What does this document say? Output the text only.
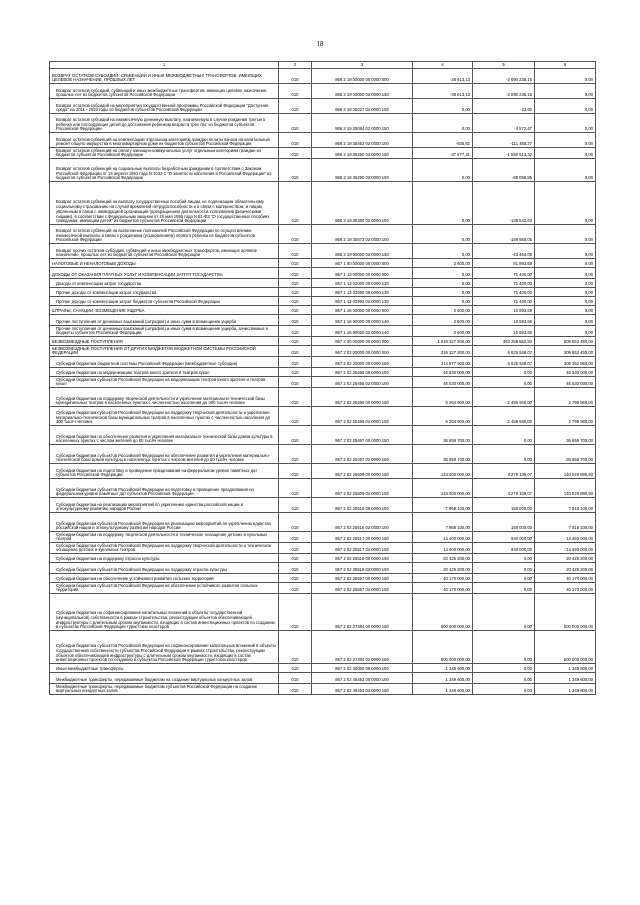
18
1	2	3	4	5	6
ВОЗВРАТ ОСТАТКОВ СУБСИДИЙ, СУБВЕНЦИЙ И ИНЫХ МЕЖБЮДЖЕТНЫХ ТРАНСФЕРТОВ, ИМЕЮЩИХ ЦЕЛЕВОЕ НАЗНАЧЕНИЕ, ПРОШЛЫХ ЛЕТ	010	866 2 19 00000 00 0000 000	-38 613,13	-2 090 236,15	0,00
Возврат остатков субсидий, субвенций и иных межбюджетных трансфертов, имеющих целевое назначение, прошлых лет из бюджетов субъектов Российской Федерации	010	866 2 19 00000 02 0000 150	-38 613,13	-2 090 236,15	0,00
Возврат остатков субсидий на мероприятия государственной программы Российской Федерации "Доступная среда" на 2011 - 2020 годы из бюджетов субъектов Российской Федерации	010	866 2 19 25027 02 0000 150	0,00	-23,60	0,00
Возврат остатков субсидий на ежемесячную денежную выплату, назначаемую в случае рождения третьего ребенка или последующих детей до достижения ребенком возраста трех лет, из бюджетов субъектов Российской Федерации	010	866 2 19 25084 02 0000 150	0,00	-4 572,47	0,00
Возврат остатков субвенций на компенсацию отдельным категориям граждан оплаты взноса на капитальный ремонт общего имущества в многоквартирном доме из бюджетов субъектов Российской Федерации	010	866 2 19 35462 02 0000 150	-935,82	-111 465,27	0,00
Возврат остатков субвенций на оплату жилищно-коммунальных услуг отдельным категориям граждан из бюджетов субъектов Российской Федерации	010	866 2 19 35250 02 0000 150	-37 677,31	-1 550 513,32	0,00
Возврат остатков субвенций на социальные выплаты безработным гражданам в соответствии с Законом Российской Федерации от 19 апреля 1991 года N 1032-1 "О занятости населения в Российской Федерации" из бюджетов субъектов Российской Федерации	010	866 2 19 35290 02 0000 150	0,00	-85 098,85	0,00
Возврат остатков субвенций на выплату государственных пособий лицам, не подлежащим обязательному социальному страхованию на случай временной нетрудоспособности и в связи с материнством, и лицам, уволенным в связи с ликвидацией организаций (прекращением деятельности, полномочий физическими лицами), в соответствии с Федеральным законом от 19 мая 1995 года N 81-ФЗ "О государственных пособиях гражданам, имеющим детей" из бюджетов субъектов Российской Федерации	010	866 2 19 35380 02 0000 150	0,00	-135 542,64	0,00
Возврат остатков субвенций на выполнение полномочий Российской Федерации по осуществлению ежемесячной выплаты в связи с рождением (усыновлением) первого ребенка из бюджетов субъектов Российской Федерации	010	866 2 19 35573 02 0000 150	0,00	-159 950,05	0,00
Возврат прочих остатков субсидий, субвенций и иных межбюджетных трансфертов, имеющих целевое назначение, прошлых лет из бюджетов субъектов Российской Федерации	010	866 2 19 90000 02 0000 150	0,00	-43 464,05	0,00
НАЛОГОВЫЕ И НЕНАЛОГОВЫЕ ДОХОДЫ	010	867 1 00 00000 00 0000 000	2 600,00	81 993,69	0,00
ДОХОДЫ ОТ ОКАЗАНИЯ ПЛАТНЫХ УСЛУГ И КОМПЕНСАЦИИ ЗАТРАТ ГОСУДАРСТВА	010	867 1 13 00000 00 0000 000	0,00	71 400,00	0,00
Доходы от компенсации затрат государства	010	867 1 13 02000 00 0000 130	0,00	71 400,00	0,00
Прочие доходы от компенсации затрат государства	010	867 1 13 02990 00 0000 130	0,00	71 400,00	0,00
Прочие доходы от компенсации затрат бюджетов субъектов Российской Федерации	010	867 1 13 02992 02 0000 130	0,00	71 400,00	0,00
ШТРАФЫ, САНКЦИИ, ВОЗМЕЩЕНИЕ УЩЕРБА	010	867 1 16 00000 00 0000 000	2 600,00	10 593,69	0,00
Прочие поступления от денежных взысканий (штрафов) и иных сумм в возмещение ущерба	010	867 1 16 90000 00 0000 140	2 600,00	10 593,69	0,00
Прочие поступления от денежных взысканий (штрафов) и иных сумм в возмещение ущерба, зачисляемые в бюджеты субъектов Российской Федерации	010	867 1 16 90020 02 0000 140	2 600,00	10 593,69	0,00
БЕЗВОЗМЕЗДНЫЕ ПОСТУПЛЕНИЯ	010	867 2 00 00000 00 0000 000	1 016 327 300,00	363 255 552,93	509 652 450,00
БЕЗВОЗМЕЗДНЫЕ ПОСТУПЛЕНИЯ ОТ ДРУГИХ БЮДЖЕТОВ БЮДЖЕТНОЙ СИСТЕМЫ РОССИЙСКОЙ ФЕДЕРАЦИИ	010	867 2 02 00000 00 0000 000	316 327 300,00	6 625 549,07	309 652 450,00
Субсидии бюджетам бюджетной системы Российской Федерации (межбюджетные субсидии)	010	867 2 02 20000 00 0000 150	314 977 900,00	6 625 549,07	308 352 850,00
Субсидии бюджетам на модернизацию театров юного зрителя и театров кукол	010	867 2 02 25456 00 0000 150	46 530 000,00	0,00	46 530 000,00
Субсидии бюджетам субъектов Российской Федерации на модернизацию театров юного зрителя и театров кукол	010	867 2 02 25456 02 0000 150	46 530 000,00	0,00	46 530 000,00
Субсидии бюджетам на поддержку творческой деятельности и укрепление материально-технической базы муниципальных театров в населенных пунктах с численностью населения до 300 тысяч человек	010	867 2 02 25466 00 0000 150	5 254 900,00	2 455 940,00	2 798 960,00
Субсидии бюджетам субъектов Российской Федерации на поддержку творческой деятельности и укрепление материально-технической базы муниципальных театров в населенных пунктах с численностью населения до 300 тысяч человек	010	867 2 02 25466 02 0000 150	5 254 900,00	2 455 940,00	2 798 960,00
Субсидии бюджетам на обеспечение развития и укрепления материально-технической базы домов культуры в населенных пунктах с числом жителей до 50 тысяч человек	010	867 2 02 25467 00 0000 150	36 659 700,00	0,00	36 659 700,00
Субсидии бюджетам субъектов Российской Федерации на обеспечение развития и укрепления материально-технической базы домов культуры в населенных пунктах с числом жителей до 50 тысяч человек	010	867 2 02 25467 02 0000 150	36 659 700,00	0,00	36 659 700,00
Субсидии бюджетам на подготовку и проведение празднования на федеральном уровне памятных дат субъектов Российской Федерации	010	867 2 02 25509 00 0000 150	143 300 000,00	3 279 109,07	140 020 890,93
Субсидии бюджетам субъектов Российской Федерации на подготовку и проведение празднования на федеральном уровне памятных дат субъектов Российской Федерации	010	867 2 02 25509 02 0000 150	143 300 000,00	3 279 109,07	140 020 890,93
Субсидии бюджетам на реализацию мероприятий по укреплению единства российской нации и этнокультурному развитию народов России	010	867 2 02 25516 00 0000 150	7 968 100,00	150 000,00	7 818 100,00
Субсидии бюджетам субъектов Российской Федерации на реализацию мероприятий по укреплению единства российской нации и этнокультурному развитию народов России	010	867 2 02 25516 02 0000 150	7 968 100,00	150 000,00	7 818 100,00
Субсидии бюджетам на поддержку творческой деятельности и техническое оснащение детских и кукольных театров	010	867 2 02 25517 00 0000 150	14 400 000,00	940 000,00	13 460 000,00
Субсидии бюджетам субъектов Российской Федерации на поддержку творческой деятельности и техническое оснащение детских и кукольных театров	010	867 2 02 25517 02 0000 150	14 400 000,00	940 000,00	13 460 000,00
Субсидии бюджетам на поддержку отрасли культуры	010	867 2 02 25519 00 0000 150	20 425 200,00	0,00	20 425 200,00
Субсидии бюджетам субъектов Российской Федерации на поддержку отрасли культуры	010	867 2 02 25519 02 0000 150	20 425 200,00	0,00	20 425 200,00
Субсидии бюджетам на обеспечение устойчивого развития сельских территорий	010	867 2 02 25567 00 0000 150	40 170 000,00	0,00	40 170 000,00
Субсидии бюджетам субъектов Российской Федерации на обеспечение устойчивого развития сельских территорий	010	867 2 02 25567 02 0000 150	40 170 000,00	0,00	40 170 000,00
Субсидии бюджетам на софинансирование капитальных вложений в объекты государственной (муниципальной) собственности в рамках строительства, реконструкции объектов обеспечивающей инфраструктуры с длительным сроком окупаемости, входящих в состав инвестиционных проектов по созданию в субъектах Российской Федерации туристских кластеров	010	867 2 02 27384 00 0000 150	500 000 000,00	0,00	500 000 000,00
Субсидии бюджетам субъектов Российской Федерации на софинансирование капитальных вложений в объекты государственной собственности субъектов Российской Федерации в рамках строительства, реконструкции объектов обеспечивающей инфраструктуры с длительным сроком окупаемости, входящих в состав инвестиционных проектов по созданию в субъектах Российской Федерации туристских кластеров	010	867 2 02 27384 02 0000 150	500 000 000,00	0,00	500 000 000,00
Иные межбюджетные трансферты	010	867 2 02 40000 00 0000 150	1 349 600,00	0,00	1 349 600,00
Межбюджетные трансферты, передаваемые бюджетам на создание виртуальных концертных залов	010	867 2 02 45453 00 0000 150	1 349 600,00	0,00	1 349 600,00
Межбюджетные трансферты, передаваемые бюджетам субъектов Российской Федерации на создание виртуальных концертных залов	010	867 2 02 45453 02 0000 150	1 349 600,00	0,00	1 349 600,00
